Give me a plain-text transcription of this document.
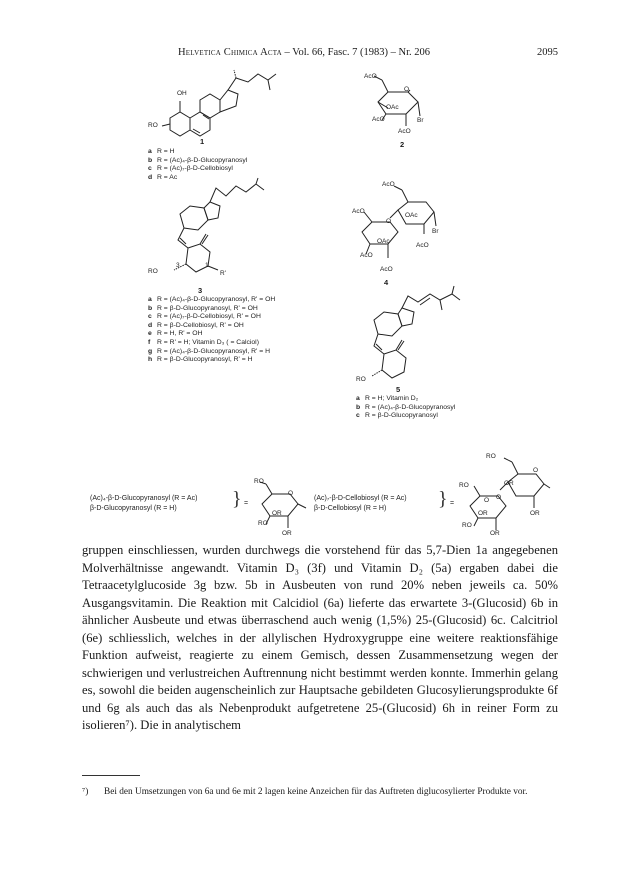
Helvetica Chimica Acta – Vol. 66, Fasc. 7 (1983) – Nr. 206	2095
OH
RO
1
a R = H
b R = (Ac)₄-β-D-Glucopyranosyl
c R = (Ac)₇-β-D-Cellobiosyl
d R = Ac
AcO
O
OAc
AcO	Br
AcO
2
RO
3	1
R'
3
a R = (Ac)₄-β-D-Glucopyranosyl, R' = OH
b R = β-D-Glucopyranosyl, R' = OH
c R = (Ac)₇-β-D-Cellobiosyl, R' = OH
d R = β-D-Cellobiosyl, R' = OH
e R = H, R' = OH
f R = R' = H; Vitamin D₃ ( = Calciol)
g R = (Ac)₄-β-D-Glucopyranosyl, R' = H
h R = β-D-Glucopyranosyl, R' = H
AcO
AcO
OAc
O
OAc
Br
AcO
AcO
AcO
4
RO
5
a R = H; Vitamin D₂
b R = (Ac)₄-β-D-Glucopyranosyl
c R = β-D-Glucopyranosyl
(Ac)₄-β-D-Glucopyranosyl (R = Ac)
β-D-Glucopyranosyl (R = H)	} =
RO
O
OR
RO
OR
(Ac)₇-β-D-Cellobiosyl (R = Ac)
β-D-Cellobiosyl (R = H)	} =
RO
O
OR
RO
O
OR
O
OR
RO
OR

gruppen einschliessen, wurden durchwegs die vorstehend für das 5,7-Dien 1a angegebenen Molverhältnisse angewandt. Vitamin D₃ (3f) und Vitamin D₂ (5a) ergaben dabei die Tetraacetylglucoside 3g bzw. 5b in Ausbeuten von rund 20% neben jeweils ca. 50% Ausgangsvitamin. Die Reaktion mit Calcidiol (6a) lieferte das erwartete 3-(Glucosid) 6b in ähnlicher Ausbeute und etwas überraschend auch wenig (1,5%) 25-(Glucosid) 6c. Calcitriol (6e) schliesslich, welches in der allylischen Hydroxygruppe eine weitere reaktionsfähige Funktion aufweist, reagierte zu einem Gemisch, dessen Zusammensetzung wegen der schwierigen und verlustreichen Auftrennung nicht bestimmt werden konnte. Immerhin gelang es, sowohl die beiden augenscheinlich zur Hauptsache gebildeten Glucosylierungsprodukte 6f und 6g als auch das als Nebenprodukt aufgetretene 25-(Glucosid) 6h in reiner Form zu isolieren⁷). Die in analytischem

⁷) Bei den Umsetzungen von 6a und 6e mit 2 lagen keine Anzeichen für das Auftreten diglucosylierter Produkte vor.
